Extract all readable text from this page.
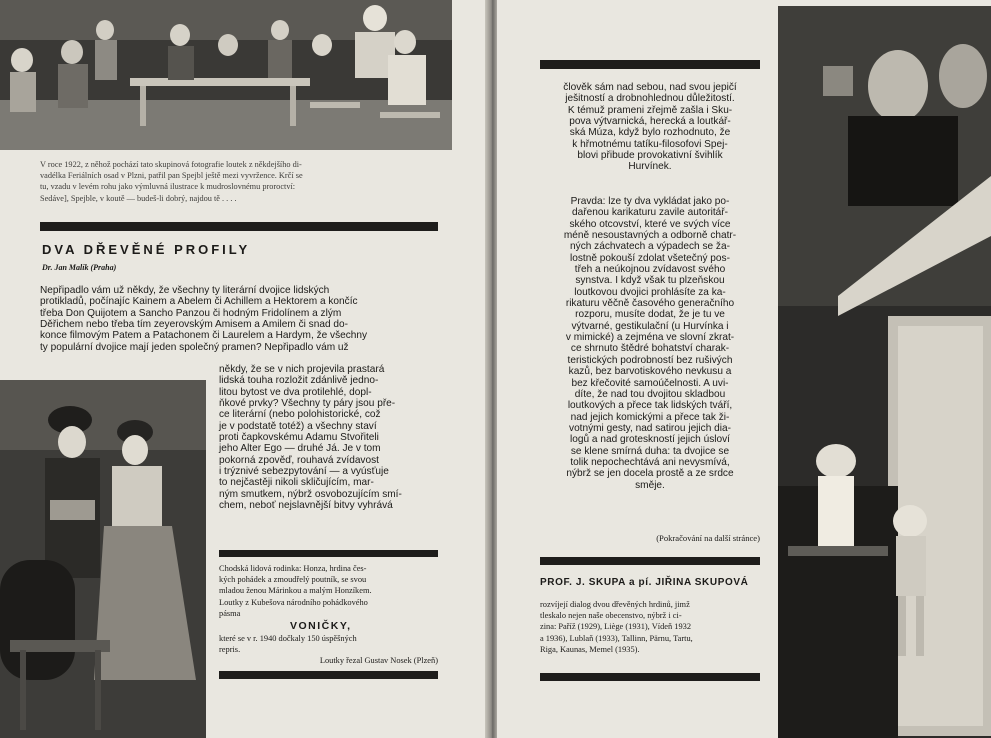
V roce 1922, z něhož pochází tato skupinová fotografie loutek z někdejšího di-
vadélka Feriálních osad v Plzni, patřil pan Spejbl ještě mezi vyvržence. Krčí se
tu, vzadu v levém rohu jako výmluvná ilustrace k mudroslovnému proroctví:
Sedáve], Spejble, v koutě — budeš-li dobrý, najdou tě . . . .
DVA DŘEVĚNÉ PROFILY
Dr. Jan Malík (Praha)

Nepřipadlo vám už někdy, že všechny ty literární dvojice lidských

protikladů, počínajíc Kainem a Abelem či Achillem a Hektorem a končíc

třeba Don Quijotem a Sancho Panzou či hodným Fridolínem a zlým

Děřichem nebo třeba tím zeyerovským Amisem a Amilem či snad do-

konce filmovým Patem a Patachonem či Laurelem a Hardym, že všechny

ty populární dvojice mají jeden společný pramen? Nepřipadlo vám už

někdy, že se v nich projevila prastará

lidská touha rozložit zdánlivě jedno-

litou bytost ve dva protilehlé, dopl-

ňkové prvky? Všechny ty páry jsou pře-

ce literární (nebo polohistorické, což

je v podstatě totéž) a všechny staví

proti čapkovskému Adamu Stvořiteli

jeho Alter Ego — druhé Já. Je v tom

pokorná zpověď, rouhavá zvídavost

i trýznivé sebezpytování — a vyúsťuje

to nejčastěji nikoli skličujícím, mar-

ným smutkem, nýbrž osvobozujícím smí-

chem, neboť nejslavnější bitvy vyhrává

Chodská lidová rodinka: Honza, hrdina čes-
kých pohádek a zmoudřelý poutník, se svou
mladou ženou Márinkou a malým Honzíkem.
Loutky z Kubešova národního pohádkového
pásma
VONIČKY,
které se v r. 1940 dočkaly 150 úspěšných
repris.
Loutky řezal Gustav Nosek (Plzeň)

člověk sám nad sebou, nad svou jepičí

ješitností a drobnohlednou důležitostí.

K témuž prameni zřejmě zašla i Sku-

pova výtvarnická, herecká a loutkář-

ská Múza, když bylo rozhodnuto, že

k hřmotnému tatíku-filosofovi Spej-

blovi přibude provokativní švihlík

Hurvínek.

Pravda: lze ty dva vykládat jako po-

dařenou karikaturu zavile autoritář-

ského otcovství, které ve svých více

méně nesoustavných a odborně chatr-

ných záchvatech a výpadech se ža-

lostně pokouší zdolat všetečný pos-

třeh a neúkojnou zvídavost svého

synstva. I když však tu plzeňskou

loutkovou dvojici prohlásíte za ka-

rikaturu věčně časového generačního

rozporu, musíte dodat, že je tu ve

výtvarné, gestikulační (u Hurvínka i

v mimické) a zejména ve slovní zkrat-

ce shrnuto štědré bohatství charak-

teristických podrobností bez rušivých

kazů, bez barvotiskového nevkusu a

bez křečovité samoúčelnosti. A uvi-

díte, že nad tou dvojitou skladbou

loutkových a přece tak lidských tváří,

nad jejich komickými a přece tak ži-

votnými gesty, nad satirou jejich dia-

logů a nad groteskností jejich úsloví

se klene smírná duha: ta dvojice se

tolik nepochechtává ani nevysmívá,

nýbrž se jen docela prostě a ze srdce

směje.

(Pokračování na další stránce)
PROF. J. SKUPA a pí. JIŘINA SKUPOVÁ
rozvíjejí dialog dvou dřevěných hrdinů, jimž
tleskalo nejen naše obecenstvo, nýbrž i ci-
zina: Paříž (1929), Liège (1931), Vídeň 1932
a 1936), Lublaň (1933), Tallinn, Pärnu, Tartu,
Riga, Kaunas, Memel (1935).
